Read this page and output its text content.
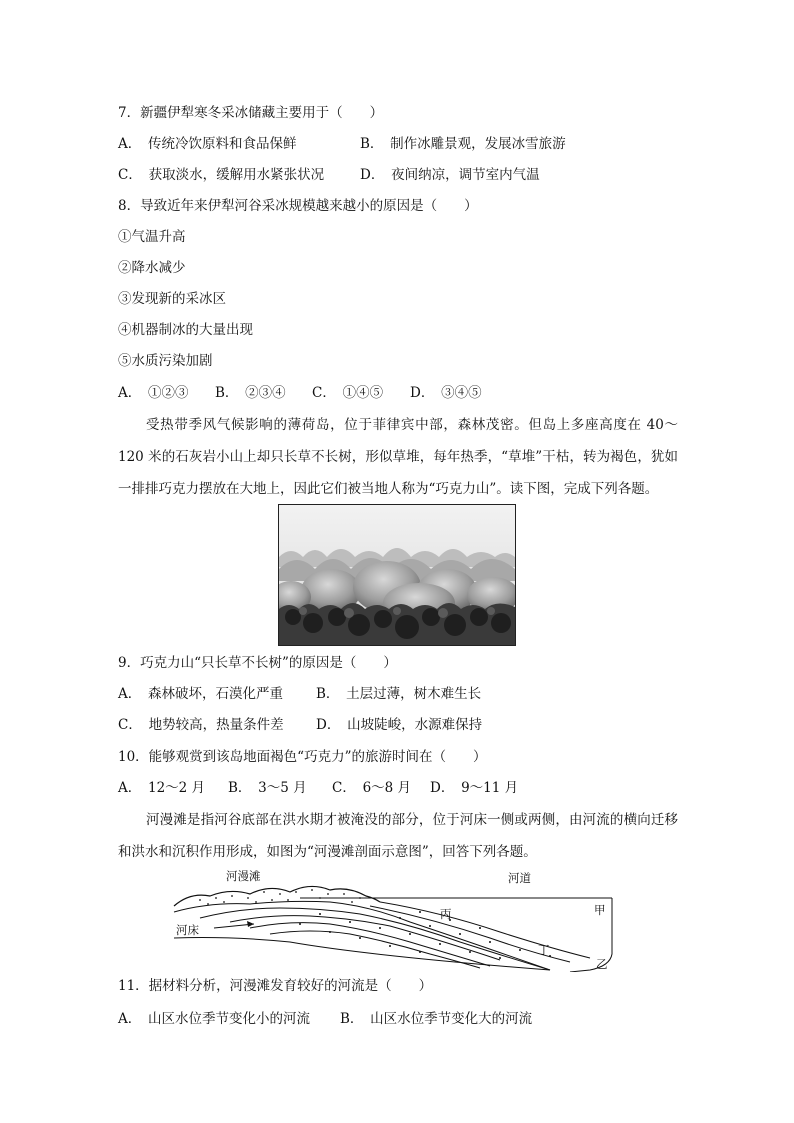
7．新疆伊犁寒冬采冰储藏主要用于（　　）
A．　传统冷饮原料和食品保鲜	B．　制作冰雕景观，发展冰雪旅游
C．　获取淡水，缓解用水紧张状况	D．　夜间纳凉，调节室内气温
8．导致近年来伊犁河谷采冰规模越来越小的原因是（　　）
①气温升高
②降水减少
③发现新的采冰区
④机器制冰的大量出现
⑤水质污染加剧
A．　①②③ B．　②③④ C．　①④⑤ D．　③④⑤
受热带季风气候影响的薄荷岛，位于菲律宾中部，森林茂密。但岛上多座高度在 40～120 米的石灰岩小山上却只长草不长树，形似草堆，每年热季，“草堆”干枯，转为褐色，犹如一排排巧克力摆放在大地上，因此它们被当地人称为“巧克力山”。读下图，完成下列各题。
9．巧克力山“只长草不长树”的原因是（　　）
A．　森林破坏，石漠化严重 B．　土层过薄，树木难生长
C．　地势较高，热量条件差 D．　山坡陡峻，水源难保持
10．能够观赏到该岛地面褐色“巧克力”的旅游时间在（　　）
A．　12～2 月 B．　3～5 月 C．　6～8 月 D．　9～11 月
河漫滩是指河谷底部在洪水期才被淹没的部分，位于河床一侧或两侧，由河流的横向迁移和洪水和沉积作用形成，如图为“河漫滩剖面示意图”，回答下列各题。
河漫滩	河道
河床
甲
乙
丙
丁
11．据材料分析，河漫滩发育较好的河流是（　　）
A．　山区水位季节变化小的河流 B．　山区水位季节变化大的河流
